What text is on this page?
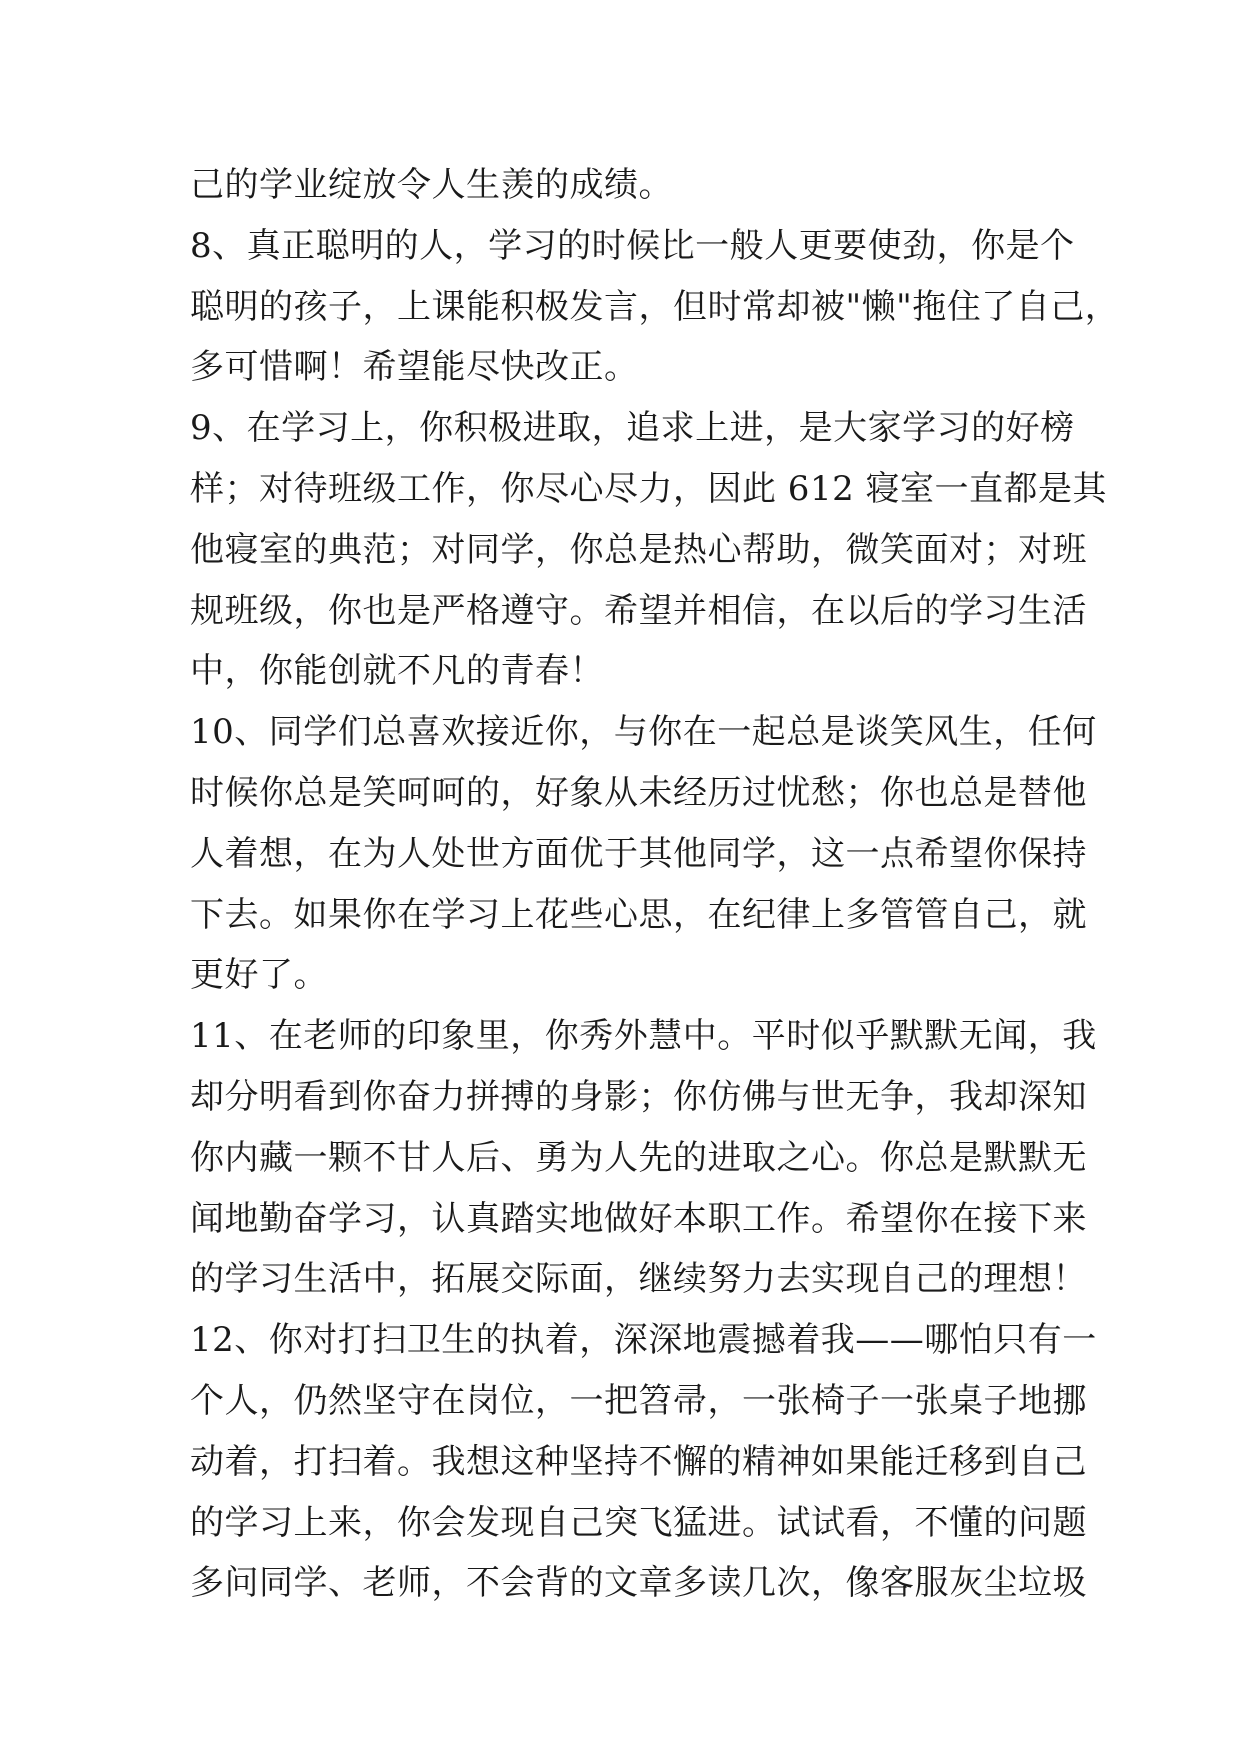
己的学业绽放令人生羡的成绩。
8、真正聪明的人，学习的时候比一般人更要使劲，你是个
聪明的孩子，上课能积极发言，但时常却被"懒"拖住了自己，
多可惜啊！希望能尽快改正。
9、在学习上，你积极进取，追求上进，是大家学习的好榜
样；对待班级工作，你尽心尽力，因此 612 寝室一直都是其
他寝室的典范；对同学，你总是热心帮助，微笑面对；对班
规班级，你也是严格遵守。希望并相信，在以后的学习生活
中，你能创就不凡的青春！
10、同学们总喜欢接近你，与你在一起总是谈笑风生，任何
时候你总是笑呵呵的，好象从未经历过忧愁；你也总是替他
人着想，在为人处世方面优于其他同学，这一点希望你保持
下去。如果你在学习上花些心思，在纪律上多管管自己，就
更好了。
11、在老师的印象里，你秀外慧中。平时似乎默默无闻，我
却分明看到你奋力拼搏的身影；你仿佛与世无争，我却深知
你内藏一颗不甘人后、勇为人先的进取之心。你总是默默无
闻地勤奋学习，认真踏实地做好本职工作。希望你在接下来
的学习生活中，拓展交际面，继续努力去实现自己的理想！
12、你对打扫卫生的执着，深深地震撼着我——哪怕只有一
个人，仍然坚守在岗位，一把笤帚，一张椅子一张桌子地挪
动着，打扫着。我想这种坚持不懈的精神如果能迁移到自己
的学习上来，你会发现自己突飞猛进。试试看，不懂的问题
多问同学、老师，不会背的文章多读几次，像客服灰尘垃圾
